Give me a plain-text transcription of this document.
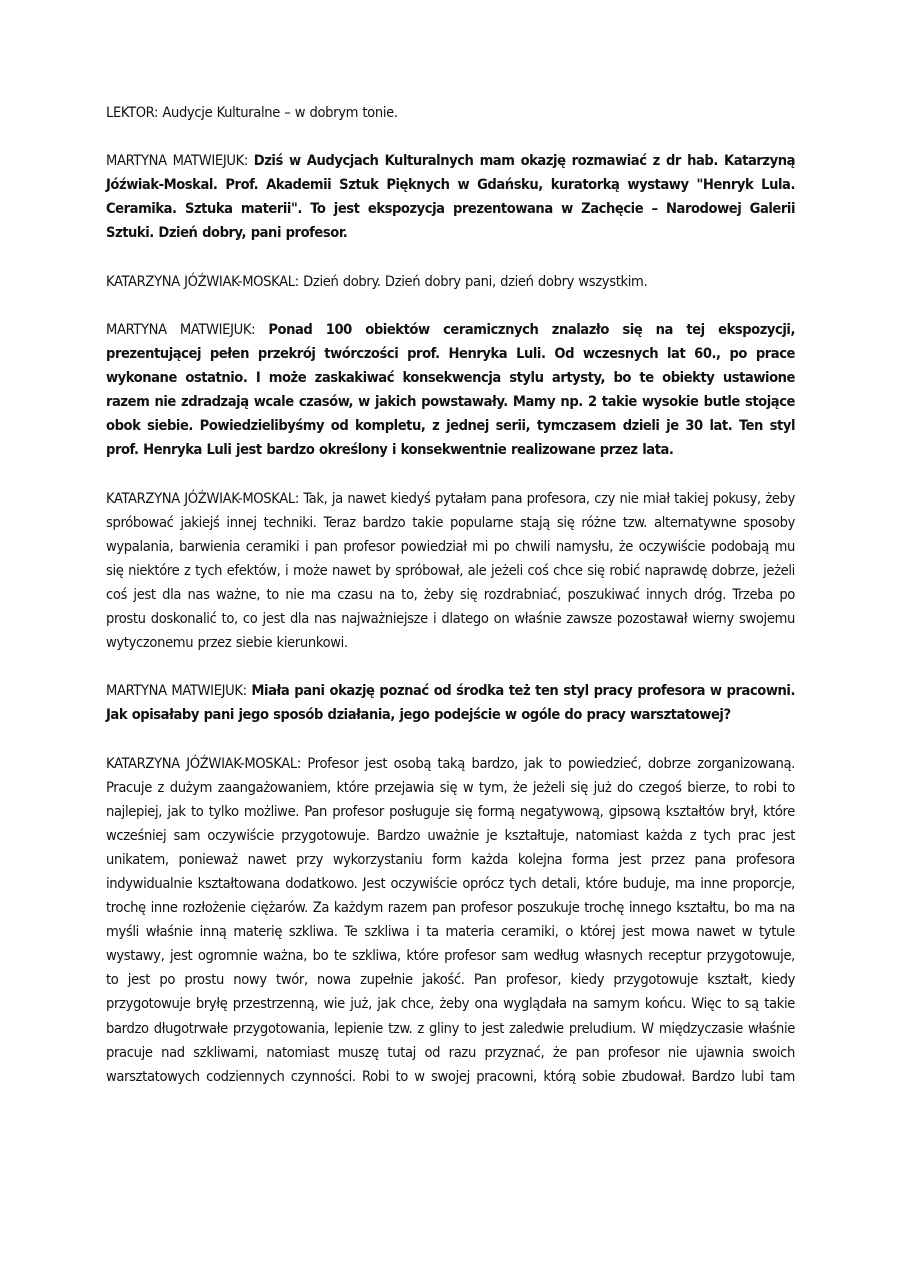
LEKTOR: Audycje Kulturalne – w dobrym tonie.

MARTYNA MATWIEJUK: Dziś w Audycjach Kulturalnych mam okazję rozmawiać z dr hab. Katarzyną Jóźwiak-Moskal. Prof. Akademii Sztuk Pięknych w Gdańsku, kuratorką wystawy "Henryk Lula. Ceramika. Sztuka materii". To jest ekspozycja prezentowana w Zachęcie – Narodowej Galerii Sztuki. Dzień dobry, pani profesor.

KATARZYNA JÓŹWIAK-MOSKAL: Dzień dobry. Dzień dobry pani, dzień dobry wszystkim.

MARTYNA MATWIEJUK: Ponad 100 obiektów ceramicznych znalazło się na tej ekspozycji, prezentującej pełen przekrój twórczości prof. Henryka Luli. Od wczesnych lat 60., po prace wykonane ostatnio. I może zaskakiwać konsekwencja stylu artysty, bo te obiekty ustawione razem nie zdradzają wcale czasów, w jakich powstawały. Mamy np. 2 takie wysokie butle stojące obok siebie. Powiedzielibyśmy od kompletu, z jednej serii, tymczasem dzieli je 30 lat. Ten styl prof. Henryka Luli jest bardzo określony i konsekwentnie realizowane przez lata.

KATARZYNA JÓŹWIAK-MOSKAL: Tak, ja nawet kiedyś pytałam pana profesora, czy nie miał takiej pokusy, żeby spróbować jakiejś innej techniki. Teraz bardzo takie popularne stają się różne tzw. alternatywne sposoby wypalania, barwienia ceramiki i pan profesor powiedział mi po chwili namysłu, że oczywiście podobają mu się niektóre z tych efektów, i może nawet by spróbował, ale jeżeli coś chce się robić naprawdę dobrze, jeżeli coś jest dla nas ważne, to nie ma czasu na to, żeby się rozdrabniać, poszukiwać innych dróg. Trzeba po prostu doskonalić to, co jest dla nas najważniejsze i dlatego on właśnie zawsze pozostawał wierny swojemu wytyczonemu przez siebie kierunkowi.

MARTYNA MATWIEJUK: Miała pani okazję poznać od środka też ten styl pracy profesora w pracowni. Jak opisałaby pani jego sposób działania, jego podejście w ogóle do pracy warsztatowej?

KATARZYNA JÓŹWIAK-MOSKAL: Profesor jest osobą taką bardzo, jak to powiedzieć, dobrze zorganizowaną. Pracuje z dużym zaangażowaniem, które przejawia się w tym, że jeżeli się już do czegoś bierze, to robi to najlepiej, jak to tylko możliwe. Pan profesor posługuje się formą negatywową, gipsową kształtów brył, które wcześniej sam oczywiście przygotowuje. Bardzo uważnie je kształtuje, natomiast każda z tych prac jest unikatem, ponieważ nawet przy wykorzystaniu form każda kolejna forma jest przez pana profesora indywidualnie kształtowana dodatkowo. Jest oczywiście oprócz tych detali, które buduje, ma inne proporcje, trochę inne rozłożenie ciężarów. Za każdym razem pan profesor poszukuje trochę innego kształtu, bo ma na myśli właśnie inną materię szkliwa. Te szkliwa i ta materia ceramiki, o której jest mowa nawet w tytule wystawy, jest ogromnie ważna, bo te szkliwa, które profesor sam według własnych receptur przygotowuje, to jest po prostu nowy twór, nowa zupełnie jakość. Pan profesor, kiedy przygotowuje kształt, kiedy przygotowuje bryłę przestrzenną, wie już, jak chce, żeby ona wyglądała na samym końcu. Więc to są takie bardzo długotrwałe przygotowania, lepienie tzw. z gliny to jest zaledwie preludium. W międzyczasie właśnie pracuje nad szkliwami, natomiast muszę tutaj od razu przyznać, że pan profesor nie ujawnia swoich warsztatowych codziennych czynności. Robi to w swojej pracowni, którą sobie zbudował. Bardzo lubi tam
